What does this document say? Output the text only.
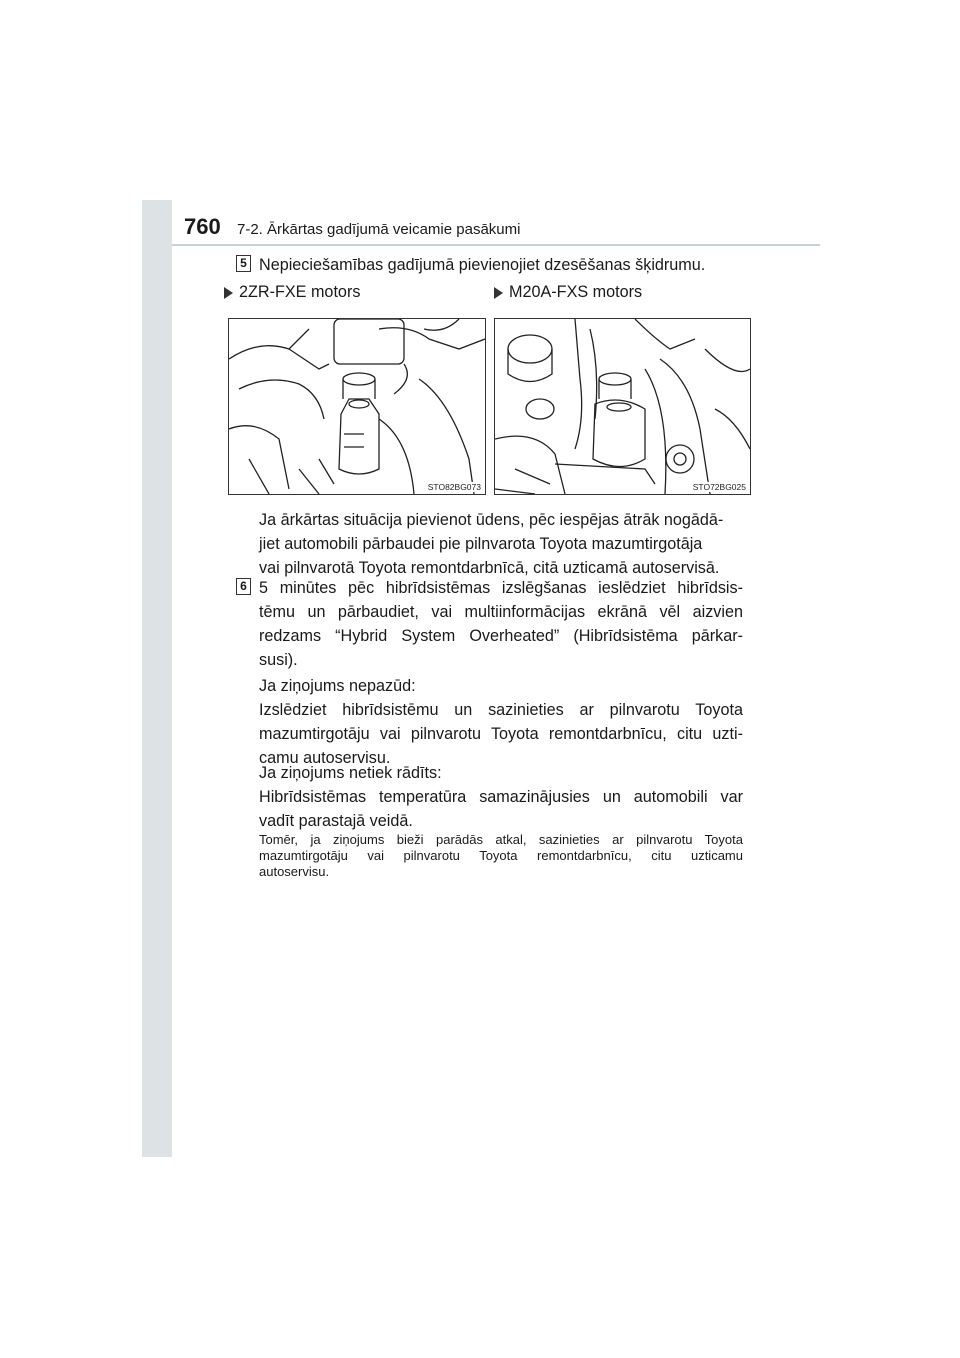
760 7-2. Ārkārtas gadījumā veicamie pasākumi
5 Nepieciešamības gadījumā pievienojiet dzesēšanas šķidrumu.
2ZR-FXE motors	M20A-FXS motors
STO82BG073	STO72BG025
Ja ārkārtas situācija pievienot ūdens, pēc iespējas ātrāk nogādā-
jiet automobili pārbaudei pie pilnvarota Toyota mazumtirgotāja
vai pilnvarotā Toyota remontdarbnīcā, citā uzticamā autoservisā.
6 5 minūtes pēc hibrīdsistēmas izslēgšanas ieslēdziet hibrīdsis-
tēmu un pārbaudiet, vai multiinformācijas ekrānā vēl aizvien
redzams “Hybrid System Overheated” (Hibrīdsistēma pārkar-
susi).
Ja ziņojums nepazūd:
Izslēdziet hibrīdsistēmu un sazinieties ar pilnvarotu Toyota
mazumtirgotāju vai pilnvarotu Toyota remontdarbnīcu, citu uzti-
camu autoservisu.
Ja ziņojums netiek rādīts:
Hibrīdsistēmas temperatūra samazinājusies un automobili var
vadīt parastajā veidā.
Tomēr, ja ziņojums bieži parādās atkal, sazinieties ar pilnvarotu Toyota
mazumtirgotāju vai pilnvarotu Toyota remontdarbnīcu, citu uzticamu
autoservisu.
